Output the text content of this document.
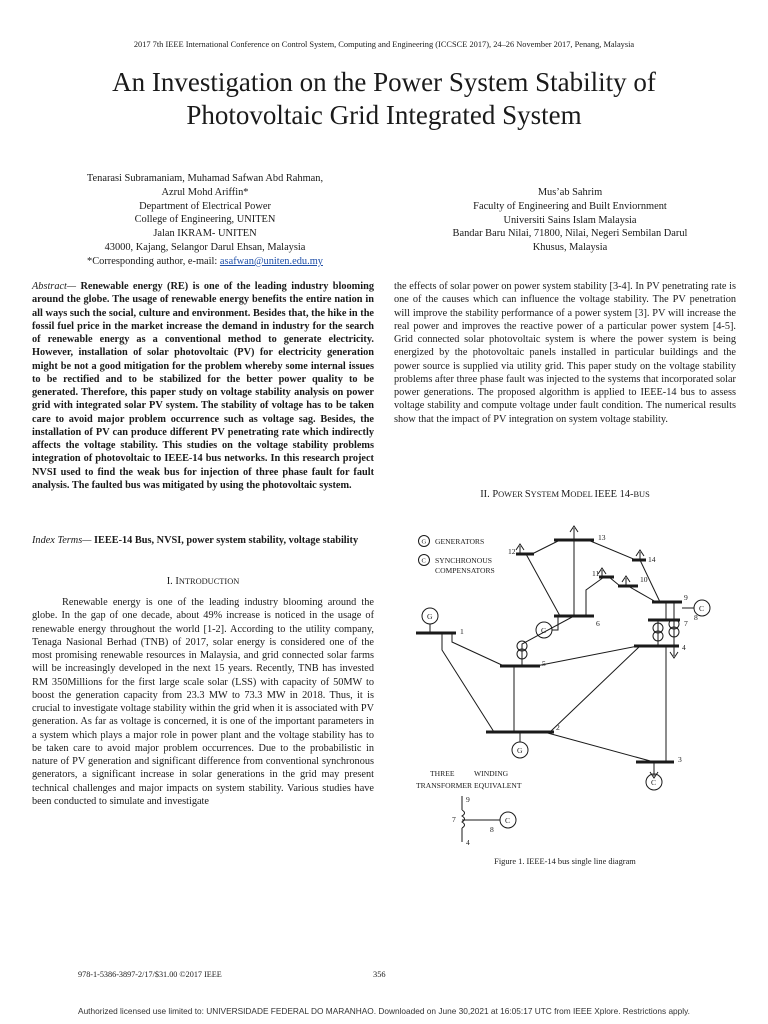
2017 7th IEEE International Conference on Control System, Computing and Engineering (ICCSCE 2017), 24–26 November 2017, Penang, Malaysia
An Investigation on the Power System Stability of
Photovoltaic Grid Integrated System
Tenarasi Subramaniam, Muhamad Safwan Abd Rahman,
Azrul Mohd Ariffin*
Department of Electrical Power
College of Engineering, UNITEN
Jalan IKRAM- UNITEN
43000, Kajang, Selangor Darul Ehsan, Malaysia
*Corresponding author, e-mail: asafwan@uniten.edu.my
Mus’ab Sahrim
Faculty of Engineering and Built Enviornment
Universiti Sains Islam Malaysia
Bandar Baru Nilai, 71800, Nilai, Negeri Sembilan Darul
Khusus, Malaysia

Abstract— Renewable energy (RE) is one of the leading industry blooming around the globe. The usage of renewable energy benefits the entire nation in all ways such the social, culture and environment. Besides that, the hike in the fossil fuel price in the market increase the demand in industry for the search of renewable energy as a conventional method to generate electricity. However, installation of solar photovoltaic (PV) for electricity generation might be not a good mitigation for the problem whereby some internal issues to be rectified and to be stabilized for the better power quality to be generated. Therefore, this paper study on voltage stability analysis on power grid with integrated solar PV system. The stability of voltage has to be taken care to avoid major problem occurrence such as voltage sag. Besides, the installation of PV can produce different PV penetrating rate which indirectly affects the voltage stability. This studies on the voltage stability problems integration of photovoltaic to IEEE-14 bus networks. In this research project NVSI used to find the weak bus for injection of three phase fault for fault analysis. The faulted bus was mitigated by using the photovoltaic system.

Index Terms— IEEE-14 Bus, NVSI, power system stability, voltage stability

I. INTRODUCTION

Renewable energy is one of the leading industry blooming around the globe. In the gap of one decade, about 49% increase is noticed in the usage of renewable energy throughout the world [1-2]. According to the utility company, Tenaga Nasional Berhad (TNB) of 2017, solar energy is considered one of the most promising renewable resources in Malaysia, and grid connected solar farms will be increasingly developed in the next 15 years. Recently, TNB has invested RM 350Millions for the first large scale solar (LSS) with capacity of 50MW to boost the generation capacity from 23.3 MW to 73.3 MW in 2018. Thus, it is crucial to investigate voltage stability within the grid when it is associated with PV generation. As far as voltage is concerned, it is one of the important parameters in a system which plays a major role in power plant and the voltage stability has to be taken care to avoid major problem occurrences. Due to the probabilistic in nature of PV generation and significant difference from conventional synchronous generators, a significant increase in solar generations in the grid may present technical challenges and major impacts on system stability. Various studies have been conducted to simulate and investigate

the effects of solar power on power system stability [3-4]. In PV penetrating rate is one of the causes which can influence the voltage stability. The PV penetration will improve the stability performance of a power system [3]. PV will increase the real power and improves the reactive power of a particular power system [4-5]. Grid connected solar photovoltaic system is where the power system is being energized by the photovoltaic panels installed in particular buildings and the power source is supplied via utility grid. This paper study on the voltage stability problems after three phase fault was injected to the systems that incorporated solar power generations. The proposed algorithm is applied to IEEE-14 bus to assess voltage stability and compute voltage under fault condition. The numerical results show that the impact of PV integration on system voltage stability.

II. POWER SYSTEM MODEL IEEE 14-BUS
G GENERATORS
C SYNCHRONOUS
COMPENSATORS
1
2
3
4
5
6	7
8
9
10
11
12
13
14
G
G
C
C
C
THREE	WINDING
TRANSFORMER EQUIVALENT
9
7
8
4
C
Figure 1. IEEE-14 bus single line diagram
978-1-5386-3897-2/17/$31.00 ©2017 IEEE	356
Authorized licensed use limited to: UNIVERSIDADE FEDERAL DO MARANHAO. Downloaded on June 30,2021 at 16:05:17 UTC from IEEE Xplore. Restrictions apply.
